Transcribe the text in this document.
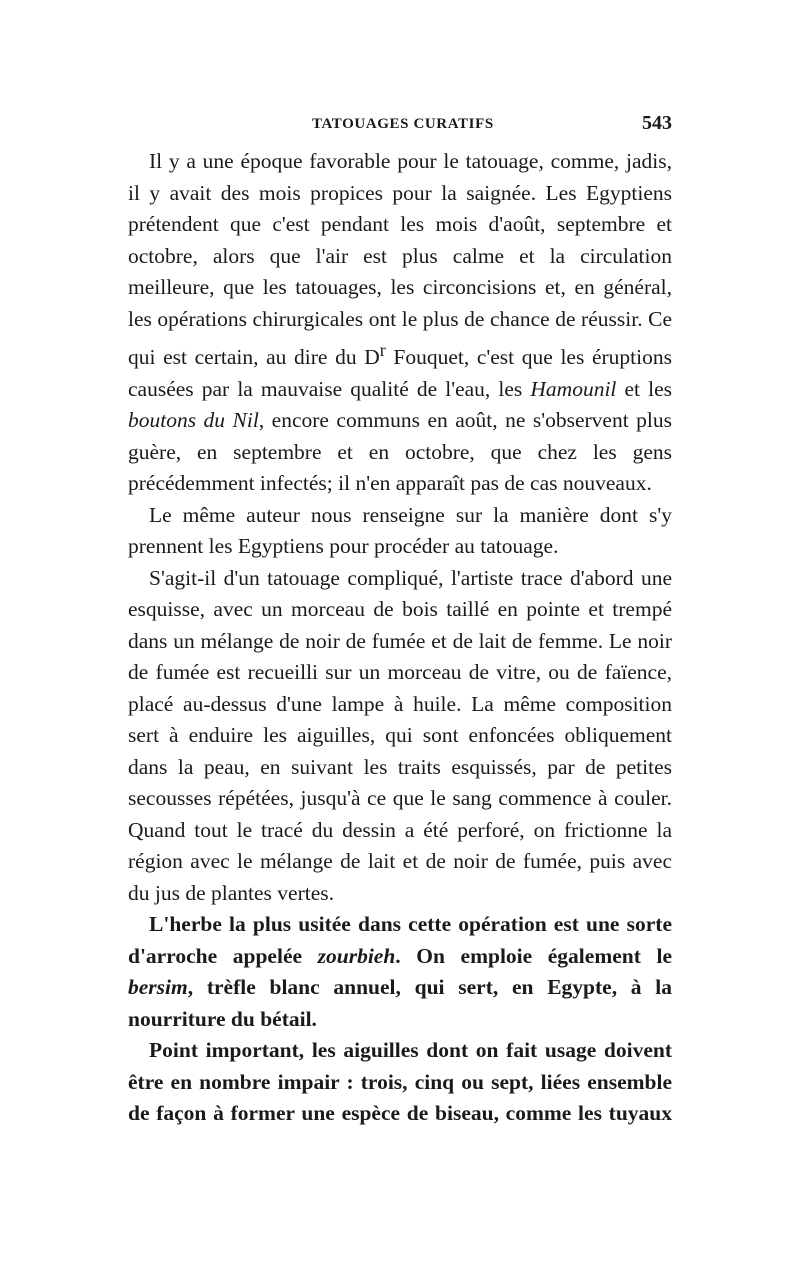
TATOUAGES CURATIFS	543

Il y a une époque favorable pour le tatouage, comme, jadis, il y avait des mois propices pour la saignée. Les Egyptiens prétendent que c'est pendant les mois d'août, septembre et octobre, alors que l'air est plus calme et la circulation meilleure, que les tatouages, les circoncisions et, en général, les opérations chirurgicales ont le plus de chance de réussir. Ce qui est certain, au dire du $D^r$ Fouquet, c'est que les éruptions causées par la mauvaise qualité de l'eau, les Hamounil et les boutons du Nil, encore communs en août, ne s'observent plus guère, en septembre et en octobre, que chez les gens précédemment infectés; il n'en apparaît pas de cas nouveaux.

Le même auteur nous renseigne sur la manière dont s'y prennent les Egyptiens pour procéder au tatouage.

S'agit-il d'un tatouage compliqué, l'artiste trace d'abord une esquisse, avec un morceau de bois taillé en pointe et trempé dans un mélange de noir de fumée et de lait de femme. Le noir de fumée est recueilli sur un morceau de vitre, ou de faïence, placé au-dessus d'une lampe à huile. La même composition sert à enduire les aiguilles, qui sont enfoncées obliquement dans la peau, en suivant les traits esquissés, par de petites secousses répétées, jusqu'à ce que le sang commence à couler. Quand tout le tracé du dessin a été perforé, on frictionne la région avec le mélange de lait et de noir de fumée, puis avec du jus de plantes vertes.

L'herbe la plus usitée dans cette opération est une sorte d'arroche appelée zourbieh. On emploie également le bersim, trèfle blanc annuel, qui sert, en Egypte, à la nourriture du bétail.

Point important, les aiguilles dont on fait usage doivent être en nombre impair : trois, cinq ou sept, liées ensemble de façon à former une espèce de biseau, comme les tuyaux
